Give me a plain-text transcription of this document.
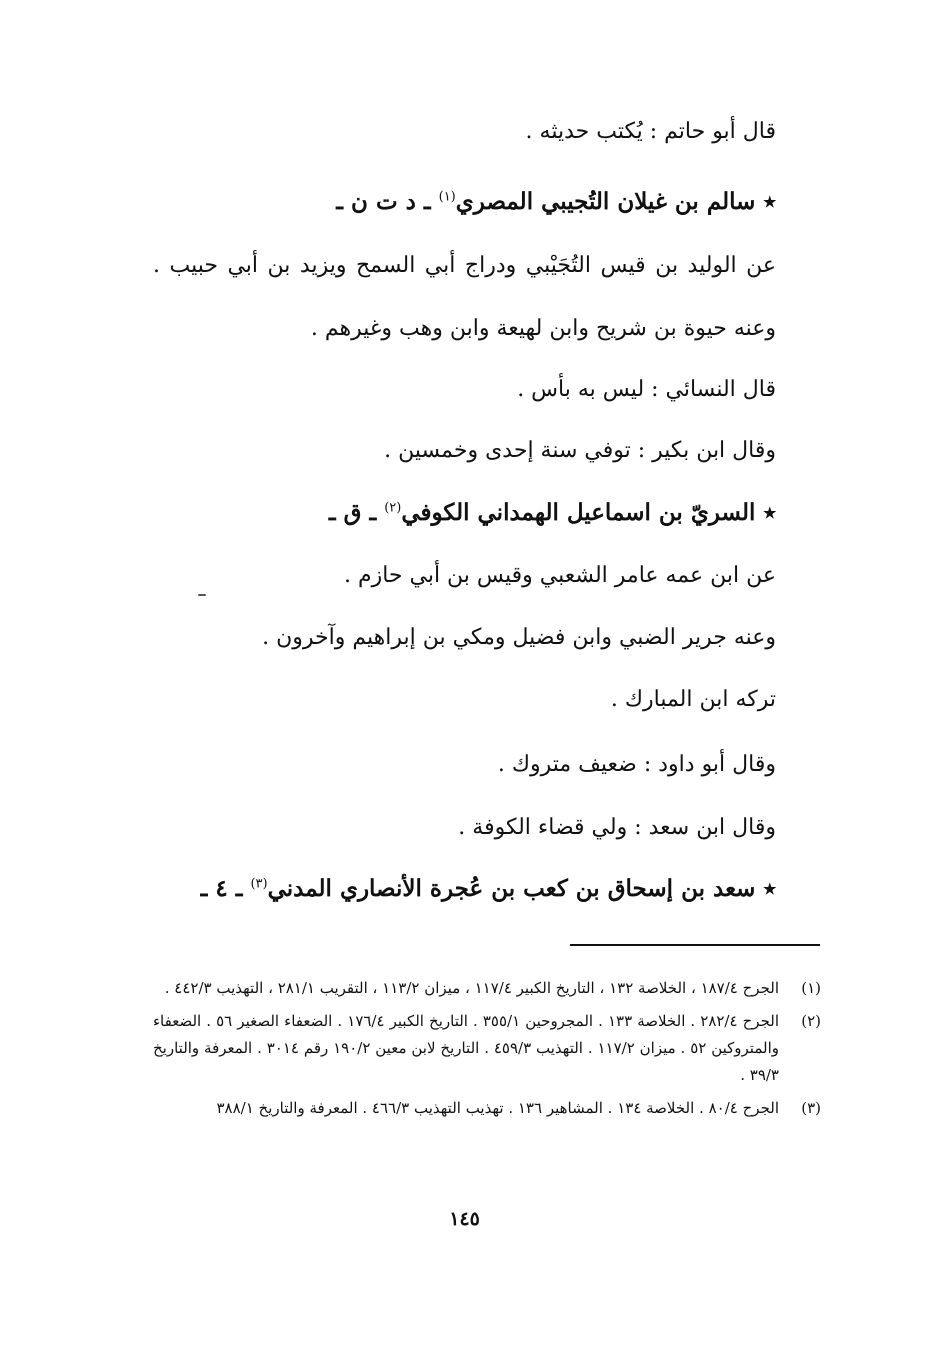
قال أبو حاتم : يُكتب حديثه .
٭ سالم بن غيلان التُجيبي المصري$^{(١)}$ ـ د ت ن ـ
عن الوليد بن قيس التُجَيْبي ودراج أبي السمح ويزيد بن أبي حبيب .
وعنه حيوة بن شريح وابن لهيعة وابن وهب وغيرهم .
قال النسائي : ليس به بأس .
وقال ابن بكير : توفي سنة إحدى وخمسين .
٭ السريّ بن اسماعيل الهمداني الكوفي$^{(٢)}$ ـ ق ـ
عن ابن عمه عامر الشعبي وقيس بن أبي حازم .
وعنه جرير الضبي وابن فضيل ومكي بن إبراهيم وآخرون .
تركه ابن المبارك .
وقال أبو داود : ضعيف متروك .
وقال ابن سعد : ولي قضاء الكوفة .
٭ سعد بن إسحاق بن كعب بن عُجرة الأنصاري المدني$^{(٣)}$ ـ ٤ ـ
(١)
الجرح ١٨٧/٤ ، الخلاصة ١٣٢ ، التاريخ الكبير ١١٧/٤ ، ميزان ١١٣/٢ ، التقريب ٢٨١/١ ، التهذيب ٤٤٢/٣ .
(٢)
الجرح ٢٨٢/٤ . الخلاصة ١٣٣ . المجروحين ٣٥٥/١ . التاريخ الكبير ١٧٦/٤ . الضعفاء الصغير ٥٦ . الضعفاء والمتروكين ٥٢ . ميزان ١١٧/٢ . التهذيب ٤٥٩/٣ . التاريخ لابن معين ١٩٠/٢ رقم ٣٠١٤ . المعرفة والتاريخ ٣٩/٣ .
(٣)
الجرح ٨٠/٤ . الخلاصة ١٣٤ . المشاهير ١٣٦ . تهذيب التهذيب ٤٦٦/٣ . المعرفة والتاريخ ٣٨٨/١
١٤٥
